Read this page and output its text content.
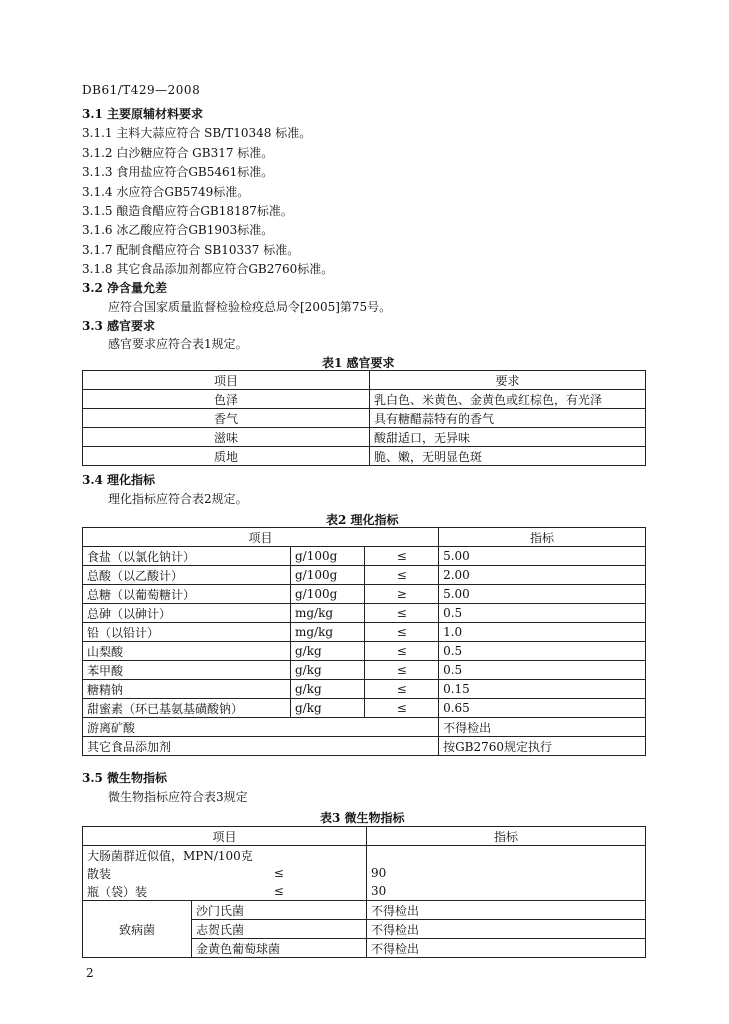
DB61/T429—2008
3.1 主要原辅材料要求
3.1.1 主料大蒜应符合 SB/T10348 标准。
3.1.2 白沙糖应符合 GB317 标准。
3.1.3 食用盐应符合GB5461标准。
3.1.4 水应符合GB5749标准。
3.1.5 酿造食醋应符合GB18187标准。
3.1.6 冰乙酸应符合GB1903标准。
3.1.7 配制食醋应符合 SB10337 标准。
3.1.8 其它食品添加剂都应符合GB2760标准。
3.2 净含量允差
应符合国家质量监督检验检疫总局令[2005]第75号。
3.3 感官要求
感官要求应符合表1规定。
表1 感官要求
项目	要求
色泽	乳白色、米黄色、金黄色或红棕色，有光泽
香气	具有糖醋蒜特有的香气
滋味	酸甜适口，无异味
质地	脆、嫩，无明显色斑
3.4 理化指标
理化指标应符合表2规定。
表2 理化指标
项目			指标
食盐（以氯化钠计）	g/100g	≤	5.00
总酸（以乙酸计）	g/100g	≤	2.00
总糖（以葡萄糖计）	g/100g	≥	5.00
总砷（以砷计）	mg/kg	≤	0.5
铅（以铅计）	mg/kg	≤	1.0
山梨酸	g/kg	≤	0.5
苯甲酸	g/kg	≤	0.5
糖精钠	g/kg	≤	0.15
甜蜜素（环已基氨基磺酸钠）	g/kg	≤	0.65
游离矿酸			不得检出
其它食品添加剂			按GB2760规定执行
3.5 微生物指标
微生物指标应符合表3规定
表3 微生物指标
项目		指标
大肠菌群近似值，MPN/100克		
散装	≤	90
瓶（袋）装	≤	30
致病菌	沙门氏菌	不得检出
	志贺氏菌	不得检出
	金黄色葡萄球菌	不得检出
2
